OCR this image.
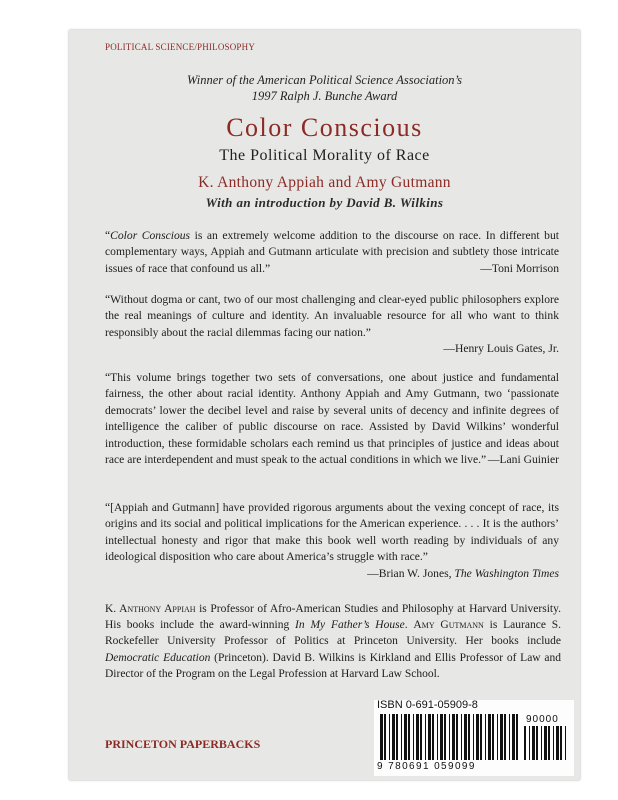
POLITICAL SCIENCE/PHILOSOPHY
Winner of the American Political Science Association’s
1997 Ralph J. Bunche Award
Color Conscious
The Political Morality of Race
K. Anthony Appiah and Amy Gutmann
With an introduction by David B. Wilkins
“Color Conscious is an extremely welcome addition to the discourse on race. In different but complementary ways, Appiah and Gutmann articulate with precision and subtlety those intricate issues of race that confound us all.”	—Toni Morrison
“Without dogma or cant, two of our most challenging and clear-eyed public philosophers explore the real meanings of culture and identity. An invaluable resource for all who want to think responsibly about the racial dilemmas facing our nation.”
—Henry Louis Gates, Jr.
“This volume brings together two sets of conversations, one about justice and fundamental fairness, the other about racial identity. Anthony Appiah and Amy Gutmann, two ‘passionate democrats’ lower the decibel level and raise by several units of decency and infinite degrees of intelligence the caliber of public discourse on race. Assisted by David Wilkins’ wonderful introduction, these formidable scholars each remind us that principles of justice and ideas about race are interdependent and must speak to the actual conditions in which we live.” —Lani Guinier
“[Appiah and Gutmann] have provided rigorous arguments about the vexing concept of race, its origins and its social and political implications for the American experience. . . . It is the authors’ intellectual honesty and rigor that make this book well worth reading by individuals of any ideological disposition who care about America’s struggle with race.”
—Brian W. Jones, The Washington Times
K. Anthony Appiah is Professor of Afro-American Studies and Philosophy at Harvard University. His books include the award-winning In My Father’s House. Amy Gutmann is Laurance S. Rockefeller University Professor of Politics at Princeton University. Her books include Democratic Education (Princeton). David B. Wilkins is Kirkland and Ellis Professor of Law and Director of the Program on the Legal Profession at Harvard Law School.
PRINCETON PAPERBACKS
ISBN 0-691-05909-8
9 780691 059099
90000
